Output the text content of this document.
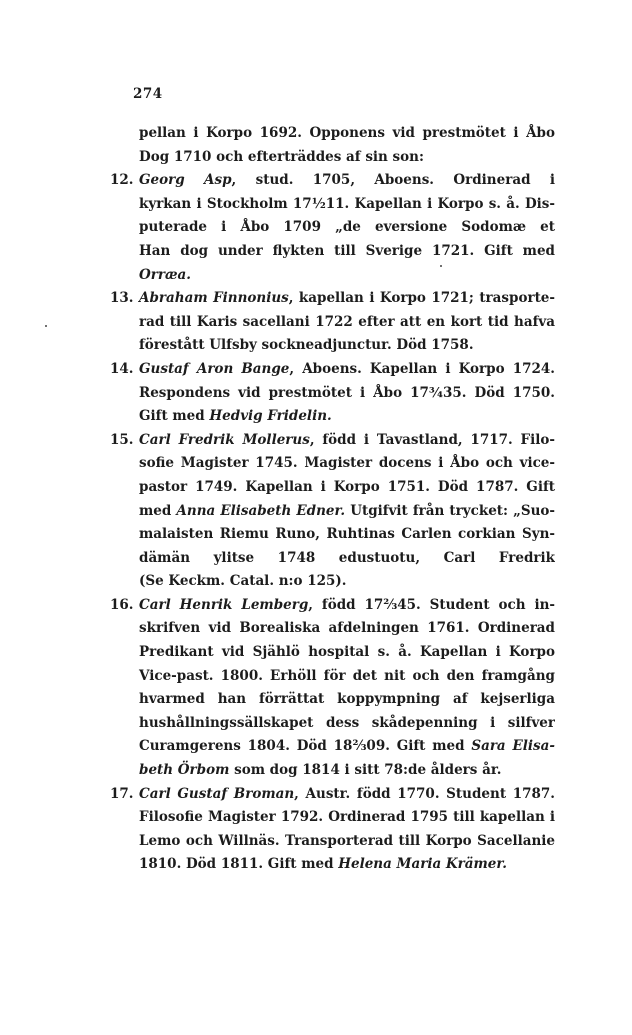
274
pellan i Korpo 1692. Opponens vid prestmötet i Åbo
Dog 1710 och efterträddes af sin son:
12. Georg Asp, stud. 1705, Aboens. Ordinerad i
kyrkan i Stockholm 17½11. Kapellan i Korpo s. å. Dis-
puterade i Åbo 1709 „de eversione Sodomæ et
Han dog under flykten till Sverige 1721. Gift med
Orræa.
13. Abraham Finnonius, kapellan i Korpo 1721; trasporte-
rad till Karis sacellani 1722 efter att en kort tid hafva
förestått Ulfsby sockneadjunctur. Död 1758.
14. Gustaf Aron Bange, Aboens. Kapellan i Korpo 1724.
Respondens vid prestmötet i Åbo 17¾35. Död 1750.
Gift med Hedvig Fridelin.
15. Carl Fredrik Mollerus, född i Tavastland, 1717. Filo-
sofie Magister 1745. Magister docens i Åbo och vice-
pastor 1749. Kapellan i Korpo 1751. Död 1787. Gift
med Anna Elisabeth Edner. Utgifvit från trycket: „Suo-
malaisten Riemu Runo, Ruhtinas Carlen corkian Syn-
dämän ylitse 1748 edustuotu, Carl Fredrik
(Se Keckm. Catal. n:o 125).
16. Carl Henrik Lemberg, född 17⅔45. Student och in-
skrifven vid Borealiska afdelningen 1761. Ordinerad
Predikant vid Sjählö hospital s. å. Kapellan i Korpo
Vice-past. 1800. Erhöll för det nit och den framgång
hvarmed han förrättat koppympning af kejserliga
hushållningssällskapet dess skådepenning i silfver
Curamgerens 1804. Död 18⅔09. Gift med Sara Elisa-
beth Örbom som dog 1814 i sitt 78:de ålders år.
17. Carl Gustaf Broman, Austr. född 1770. Student 1787.
Filosofie Magister 1792. Ordinerad 1795 till kapellan i
Lemo och Willnäs. Transporterad till Korpo Sacellanie
1810. Död 1811. Gift med Helena Maria Krämer.
